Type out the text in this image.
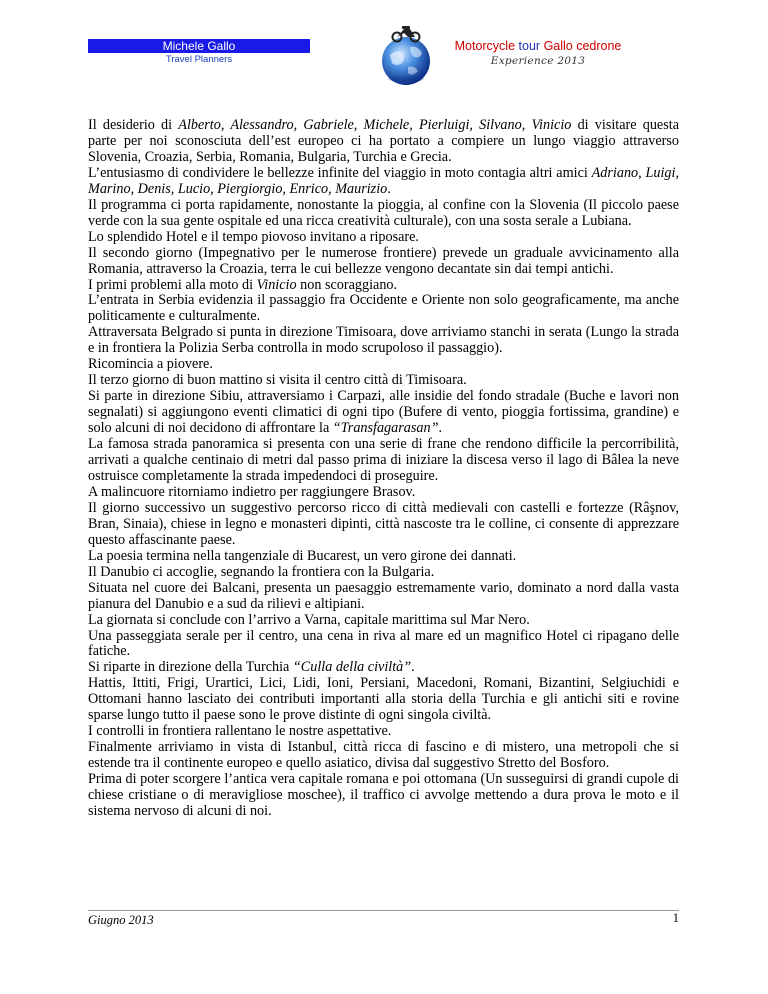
Michele Gallo
Travel Planners
Motorcycle tour Gallo cedrone
Experience 2013

Il desiderio di Alberto, Alessandro, Gabriele, Michele, Pierluigi, Silvano, Vinicio di visitare questa parte per noi sconosciuta dell’est europeo ci ha portato a compiere un lungo viaggio attraverso Slovenia, Croazia, Serbia, Romania, Bulgaria, Turchia e Grecia.

L’entusiasmo di condividere le bellezze infinite del viaggio in moto contagia altri amici Adriano, Luigi, Marino, Denis, Lucio, Piergiorgio, Enrico, Maurizio.

Il programma ci porta rapidamente, nonostante la pioggia, al confine con la Slovenia (Il piccolo paese verde con la sua gente ospitale ed una ricca creatività culturale), con una sosta serale a Lubiana.

Lo splendido Hotel e il tempo piovoso invitano a riposare.

Il secondo giorno (Impegnativo per le numerose frontiere) prevede un graduale avvicinamento alla Romania, attraverso la Croazia, terra le cui bellezze vengono decantate sin dai tempi antichi.

I primi problemi alla moto di Vinicio non scoraggiano.

L’entrata in Serbia evidenzia il passaggio fra Occidente e Oriente non solo geograficamente, ma anche politicamente e culturalmente.

Attraversata Belgrado si punta in direzione Timisoara, dove arriviamo stanchi in serata (Lungo la strada e in frontiera la Polizia Serba controlla in modo scrupoloso il passaggio).

Ricomincia a piovere.

Il terzo giorno di buon mattino si visita il centro città di Timisoara.

Si parte in direzione Sibiu, attraversiamo i Carpazi, alle insidie del fondo stradale (Buche e lavori non segnalati) si aggiungono eventi climatici di ogni tipo (Bufere di vento, pioggia fortissima, grandine) e solo alcuni di noi decidono di affrontare la “Transfagarasan”.

La famosa strada panoramica si presenta con una serie di frane che rendono difficile la percorribilità, arrivati a qualche centinaio di metri dal passo prima di iniziare la discesa verso il lago di Bâlea la neve ostruisce completamente la strada impedendoci di proseguire.

A malincuore ritorniamo indietro per raggiungere Brasov.

Il giorno successivo un suggestivo percorso ricco di città medievali con castelli e fortezze (Râşnov, Bran, Sinaia), chiese in legno e monasteri dipinti, città nascoste tra le colline, ci consente di apprezzare questo affascinante paese.

La poesia termina nella tangenziale di Bucarest, un vero girone dei dannati.

Il Danubio ci accoglie, segnando la frontiera con la Bulgaria.

Situata nel cuore dei Balcani, presenta un paesaggio estremamente vario, dominato a nord dalla vasta pianura del Danubio e a sud da rilievi e altipiani.

La giornata si conclude con l’arrivo a Varna, capitale marittima sul Mar Nero.

Una passeggiata serale per il centro, una cena in riva al mare ed un magnifico Hotel ci ripagano delle fatiche.

Si riparte in direzione della Turchia “Culla della civiltà”.

Hattis, Ittiti, Frigi, Urartici, Lici, Lidi, Ioni, Persiani, Macedoni, Romani, Bizantini, Selgiuchidi e Ottomani hanno lasciato dei contributi importanti alla storia della Turchia e gli antichi siti e rovine sparse lungo tutto il paese sono le prove distinte di ogni singola civiltà.

I controlli in frontiera rallentano le nostre aspettative.

Finalmente arriviamo in vista di Istanbul, città ricca di fascino e di mistero, una metropoli che si estende tra il continente europeo e quello asiatico, divisa dal suggestivo Stretto del Bosforo.

Prima di poter scorgere l’antica vera capitale romana e poi ottomana (Un susseguirsi di grandi cupole di chiese cristiane o di meravigliose moschee), il traffico ci avvolge mettendo a dura prova le moto e il sistema nervoso di alcuni di noi.

Giugno 2013	1
